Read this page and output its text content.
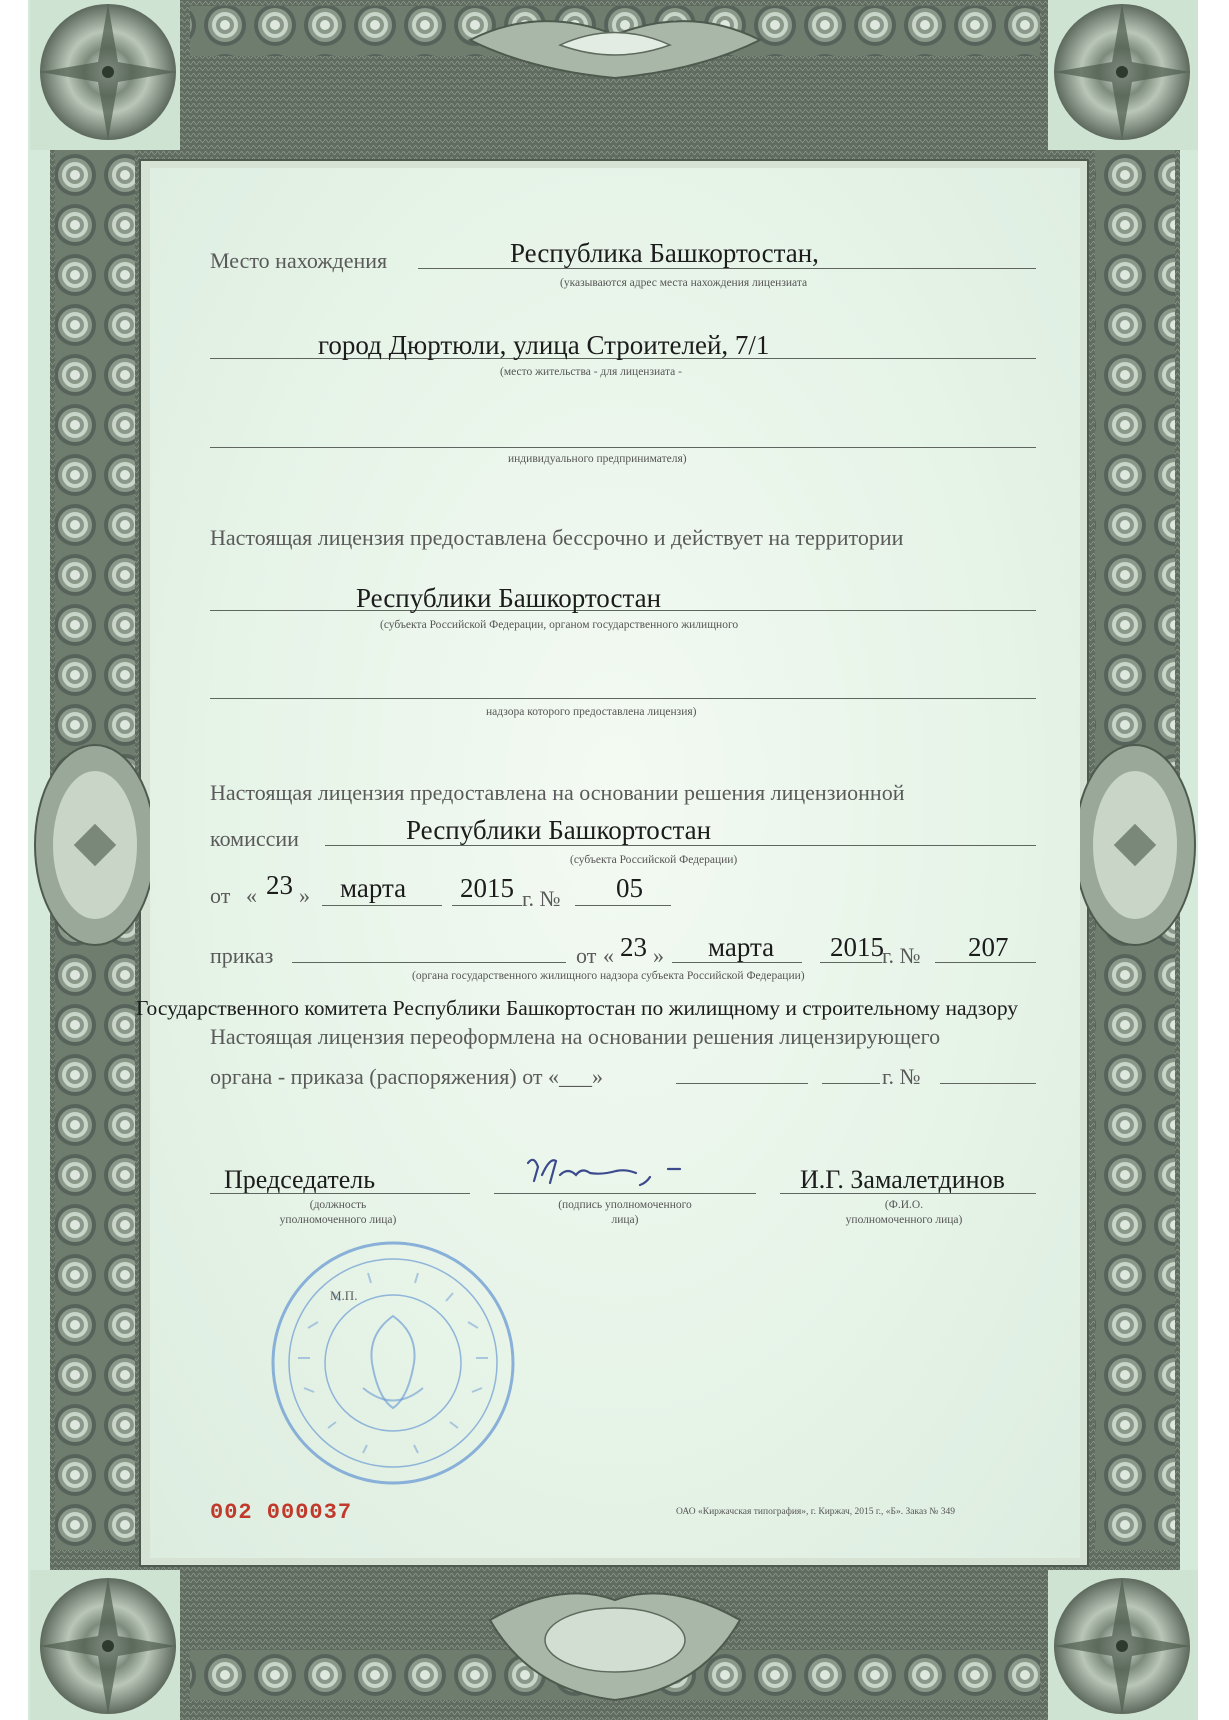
Место нахождения	Республика Башкортостан,
(указываются адрес места нахождения лицензиата
город Дюртюли, улица Строителей, 7/1
(место жительства - для лицензиата -
индивидуального предпринимателя)
Настоящая лицензия предоставлена бессрочно и действует на территории
Республики Башкортостан
(субъекта Российской Федерации, органом государственного жилищного
надзора которого предоставлена лицензия)
Настоящая лицензия предоставлена на основании решения лицензионной
комиссии	Республики Башкортостан
(субъекта Российской Федерации)
от « 23 » марта 2015 г. № 05
приказ	от « 23 » марта 2015
г. № 207
(органа государственного жилищного надзора субъекта Российской Федерации)
Государственного комитета Республики Башкортостан по жилищному и строительному надзору
Настоящая лицензия переоформлена на основании решения лицензирующего
органа - приказа (распоряжения) от «___»	г. №
Председатель
(должность
уполномоченного лица)
(подпись уполномоченного
лица)
И.Г. Замалетдинов
(Ф.И.О.
уполномоченного лица)
М.П.
002 000037	ОАО «Киржачская типография», г. Киржач, 2015 г., «Б». Заказ № 349
